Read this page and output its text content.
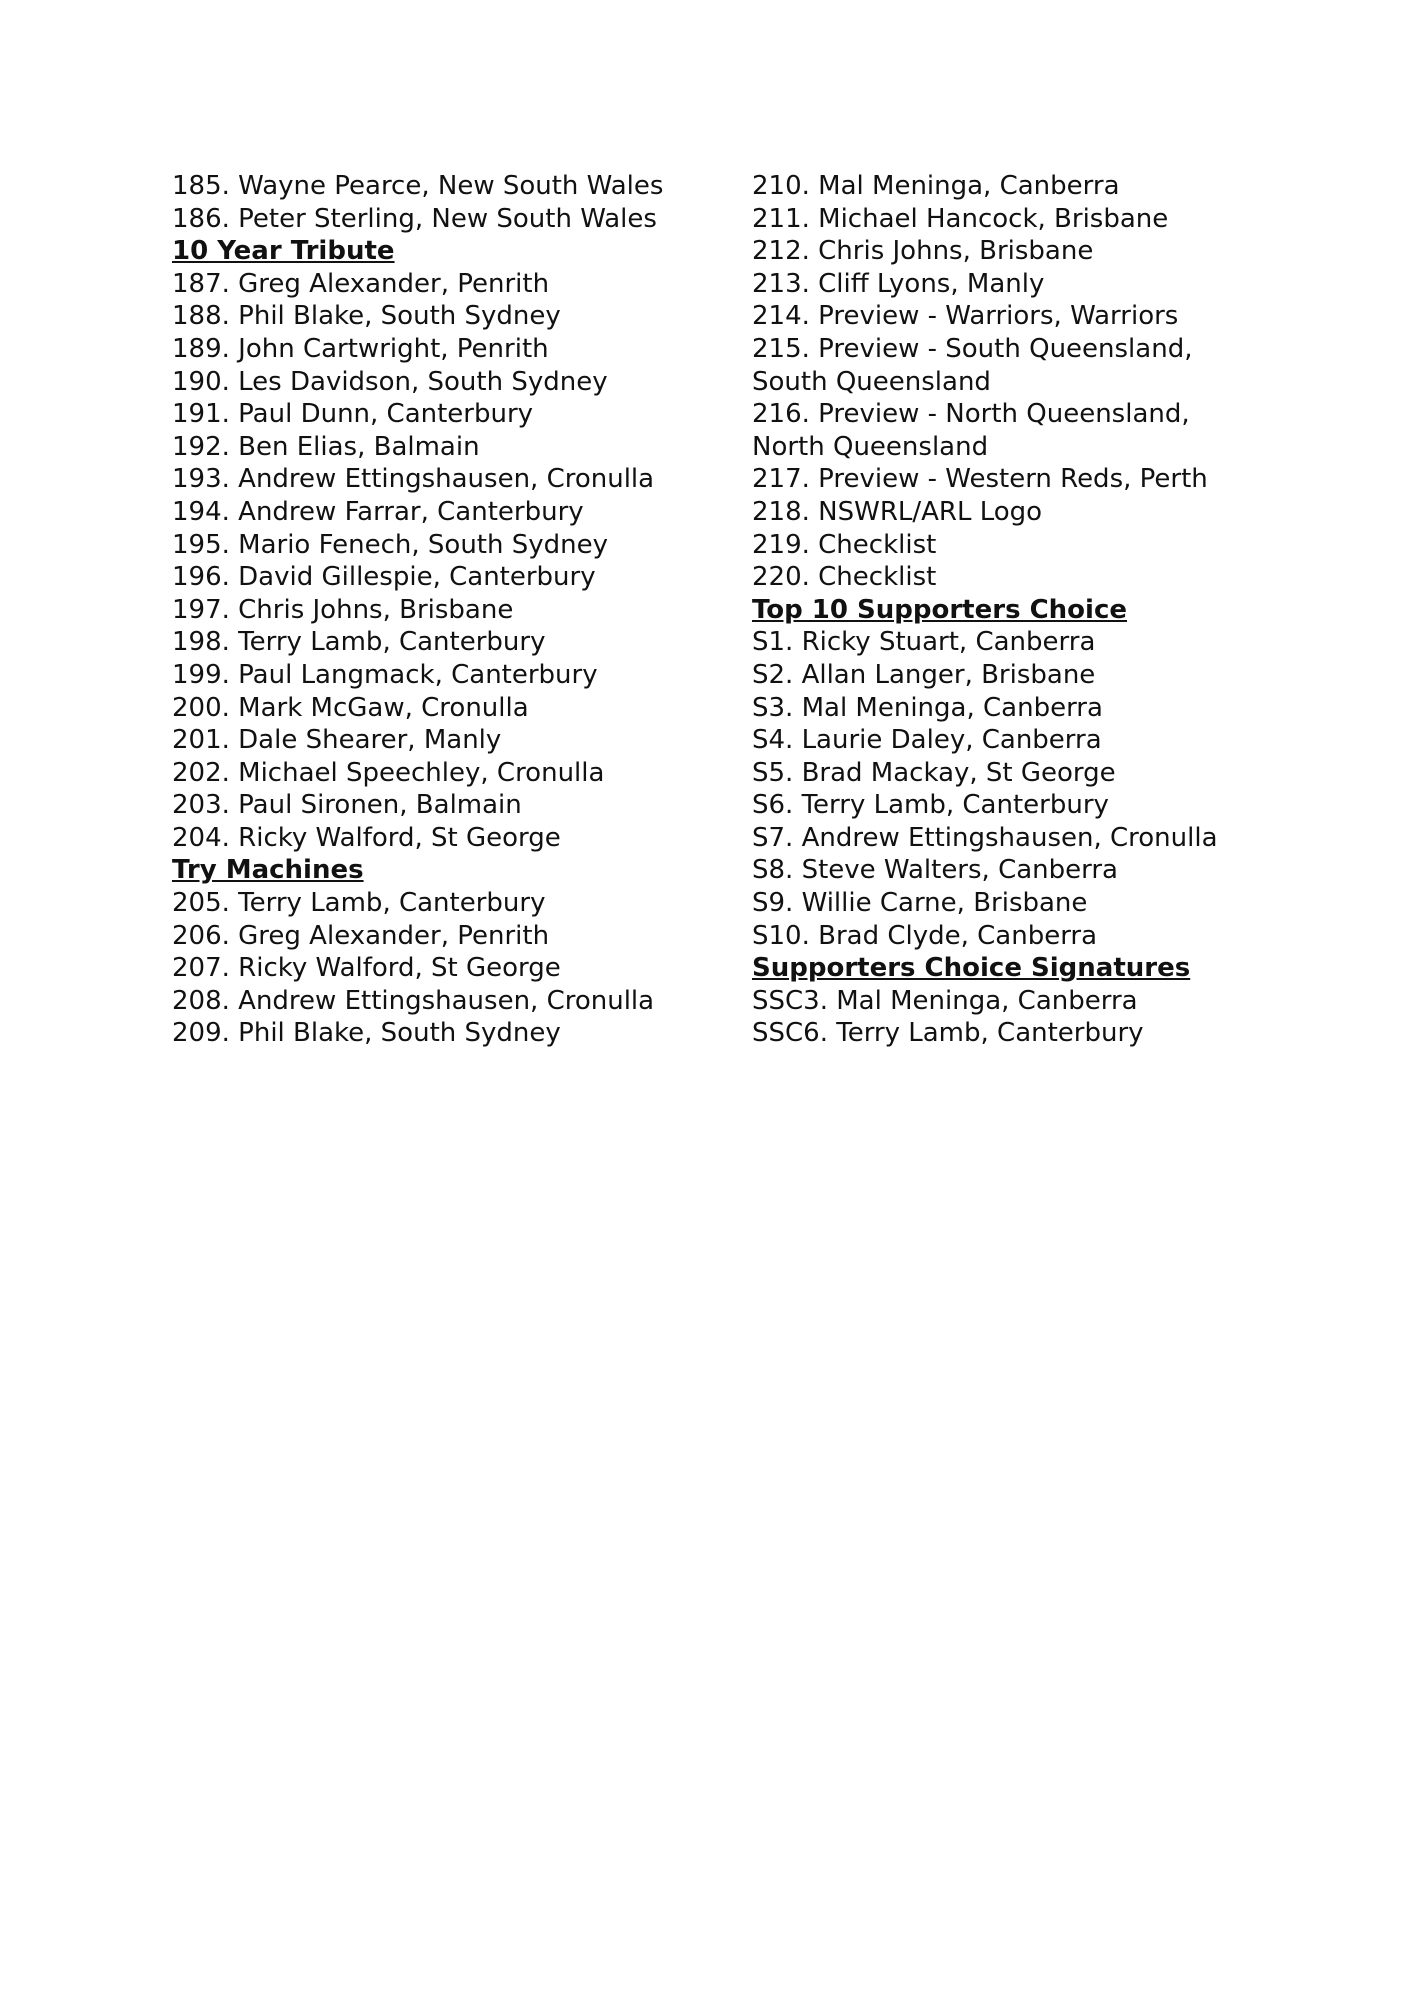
185. Wayne Pearce, New South Wales
186. Peter Sterling, New South Wales
10 Year Tribute
187. Greg Alexander, Penrith
188. Phil Blake, South Sydney
189. John Cartwright, Penrith
190. Les Davidson, South Sydney
191. Paul Dunn, Canterbury
192. Ben Elias, Balmain
193. Andrew Ettingshausen, Cronulla
194. Andrew Farrar, Canterbury
195. Mario Fenech, South Sydney
196. David Gillespie, Canterbury
197. Chris Johns, Brisbane
198. Terry Lamb, Canterbury
199. Paul Langmack, Canterbury
200. Mark McGaw, Cronulla
201. Dale Shearer, Manly
202. Michael Speechley, Cronulla
203. Paul Sironen, Balmain
204. Ricky Walford, St George
Try Machines
205. Terry Lamb, Canterbury
206. Greg Alexander, Penrith
207. Ricky Walford, St George
208. Andrew Ettingshausen, Cronulla
209. Phil Blake, South Sydney
210. Mal Meninga, Canberra
211. Michael Hancock, Brisbane
212. Chris Johns, Brisbane
213. Cliff Lyons, Manly
214. Preview - Warriors, Warriors
215. Preview - South Queensland,
South Queensland
216. Preview - North Queensland,
North Queensland
217. Preview - Western Reds, Perth
218. NSWRL/ARL Logo
219. Checklist
220. Checklist
Top 10 Supporters Choice
S1. Ricky Stuart, Canberra
S2. Allan Langer, Brisbane
S3. Mal Meninga, Canberra
S4. Laurie Daley, Canberra
S5. Brad Mackay, St George
S6. Terry Lamb, Canterbury
S7. Andrew Ettingshausen, Cronulla
S8. Steve Walters, Canberra
S9. Willie Carne, Brisbane
S10. Brad Clyde, Canberra
Supporters Choice Signatures
SSC3. Mal Meninga, Canberra
SSC6. Terry Lamb, Canterbury
